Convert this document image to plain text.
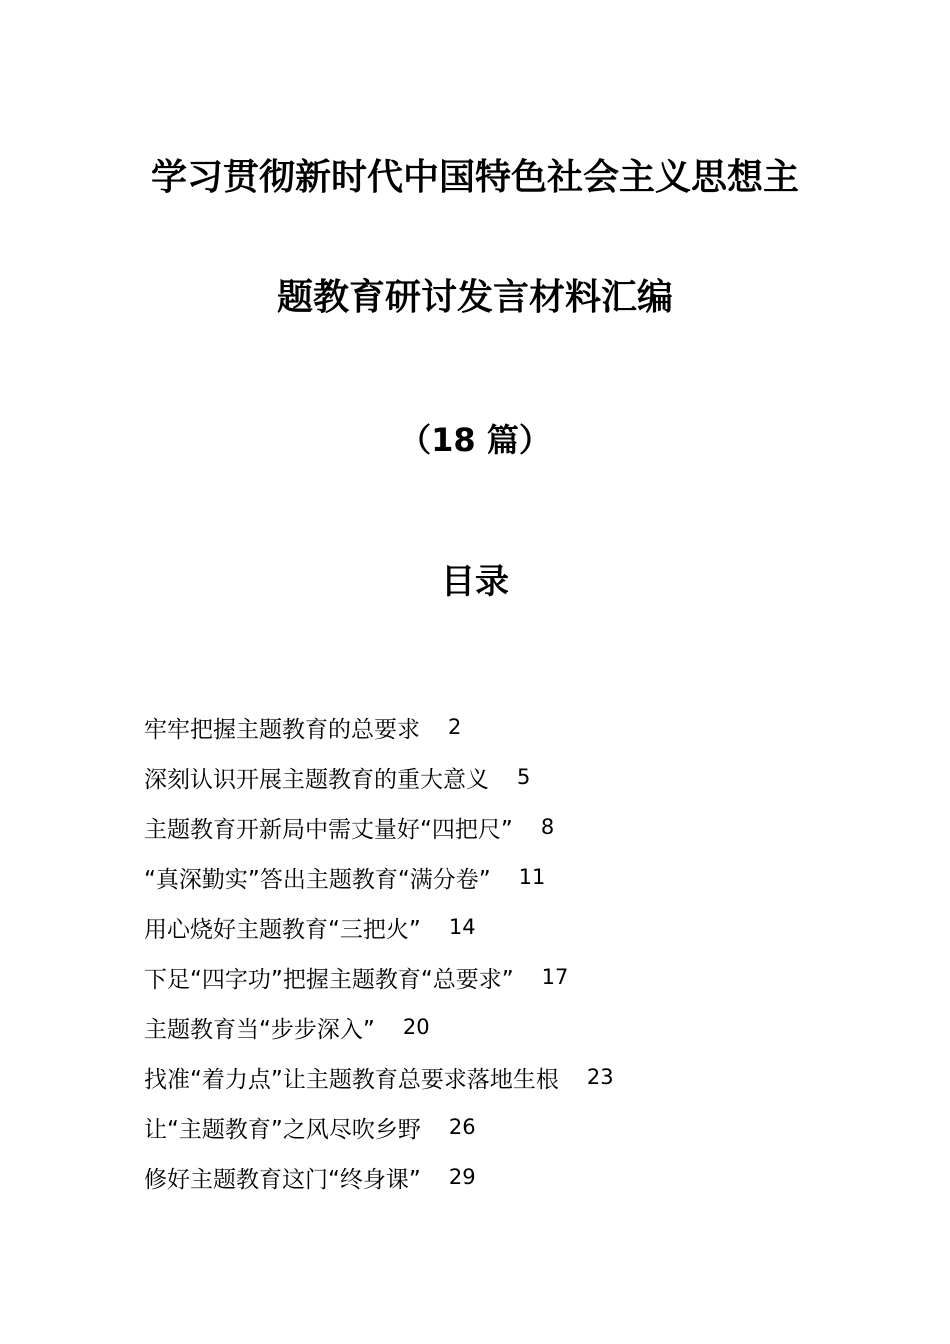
学习贯彻新时代中国特色社会主义思想主
题教育研讨发言材料汇编
（18 篇）
目录
牢牢把握主题教育的总要求 2
深刻认识开展主题教育的重大意义 5
主题教育开新局中需丈量好“四把尺” 8
“真深勤实”答出主题教育“满分卷” 11
用心烧好主题教育“三把火” 14
下足“四字功”把握主题教育“总要求” 17
主题教育当“步步深入” 20
找准“着力点”让主题教育总要求落地生根 23
让“主题教育”之风尽吹乡野 26
修好主题教育这门“终身课” 29
